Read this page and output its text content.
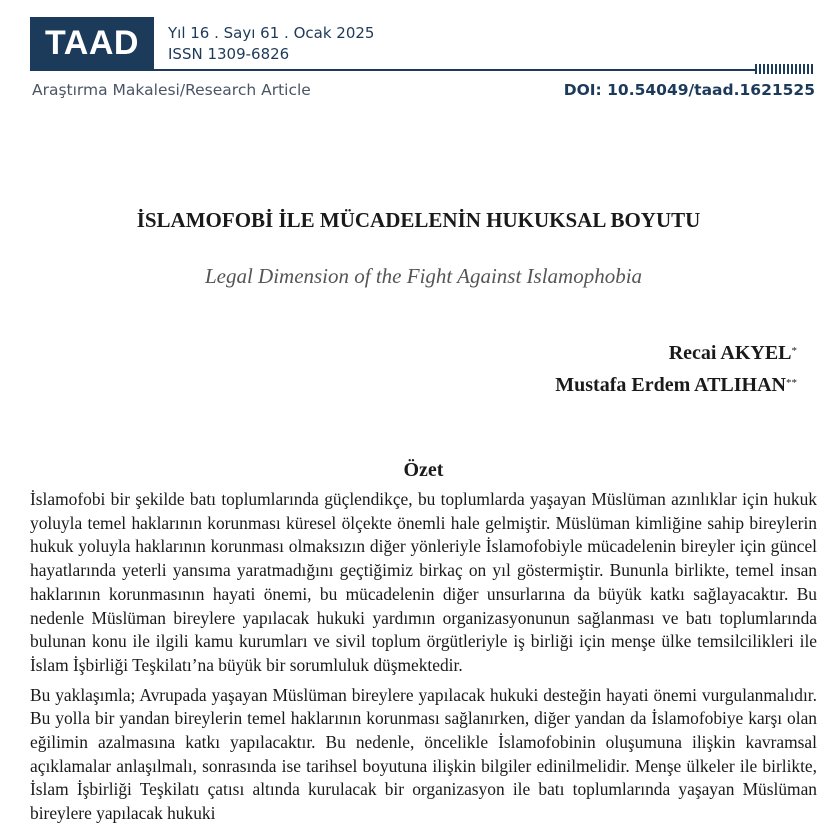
TAAD	Yıl 16 . Sayı 61 . Ocak 2025
ISSN 1309-6826
Araştırma Makalesi/Research Article	DOI: 10.54049/taad.1621525
İSLAMOFOBİ İLE MÜCADELENİN HUKUKSAL BOYUTU
Legal Dimension of the Fight Against Islamophobia
Recai AKYEL*
Mustafa Erdem ATLIHAN**
Özet

İslamofobi bir şekilde batı toplumlarında güçlendikçe, bu toplumlarda yaşayan Müslüman azınlıklar için hukuk yoluyla temel haklarının korunması küresel ölçekte önemli hale gelmiştir. Müslüman kimliğine sahip bireylerin hukuk yoluyla haklarının korunması olmaksızın diğer yönleriyle İslamofobiyle mücadelenin bireyler için güncel hayatlarında yeterli yansıma yaratmadığını geçtiğimiz birkaç on yıl göstermiştir. Bununla birlikte, temel insan haklarının korunmasının hayati önemi, bu mücadelenin diğer unsurlarına da büyük katkı sağlayacaktır. Bu nedenle Müslüman bireylere yapılacak hukuki yardımın organizasyonunun sağlanması ve batı toplumlarında bulunan konu ile ilgili kamu kurumları ve sivil toplum örgütleriyle iş birliği için menşe ülke temsilcilikleri ile İslam İşbirliği Teşkilatı’na büyük bir sorumluluk düşmektedir.

Bu yaklaşımla; Avrupada yaşayan Müslüman bireylere yapılacak hukuki desteğin hayati önemi vurgulanmalıdır. Bu yolla bir yandan bireylerin temel haklarının korunması sağlanırken, diğer yandan da İslamofobiye karşı olan eğilimin azalmasına katkı yapılacaktır. Bu nedenle, öncelikle İslamofobinin oluşumuna ilişkin kavramsal açıklamalar anlaşılmalı, sonrasında ise tarihsel boyutuna ilişkin bilgiler edinilmelidir. Menşe ülkeler ile birlikte, İslam İşbirliği Teşkilatı çatısı altında kurulacak bir organizasyon ile batı toplumlarında yaşayan Müslüman bireylere yapılacak hukuki
